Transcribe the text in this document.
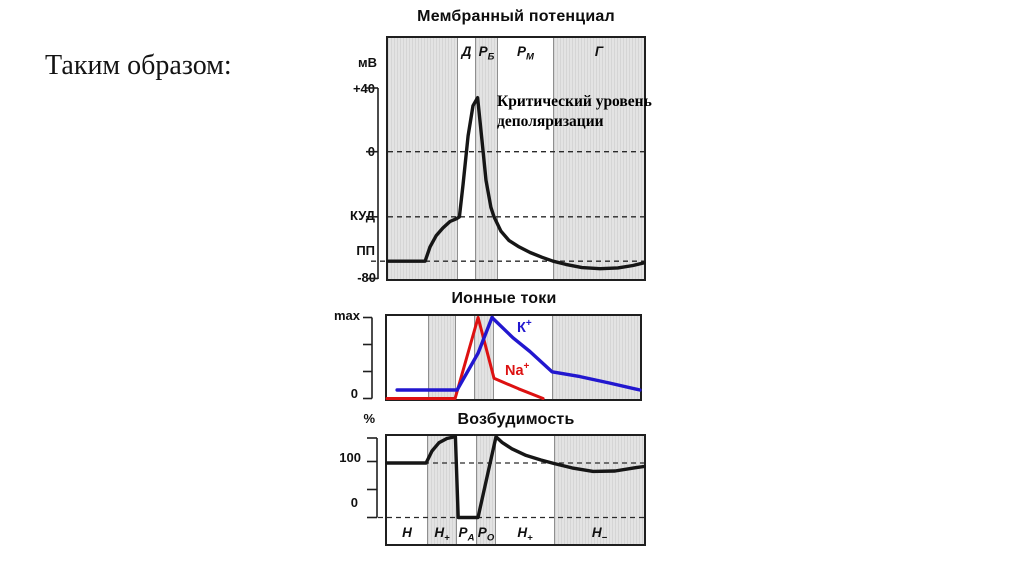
Таким образом:
Мембранный потенциал
Ионные токи
Возбудимость
Д $Р_Б$	$Р_М$	Г
Н	$Н_+$ $Р_А$ $Р_О$	$Н_+$	$Н_-$
мВ
+40
0
КУД
ПП
-80
max
0
%
100
0
Критический уровень деполяризации
К+
Na+
